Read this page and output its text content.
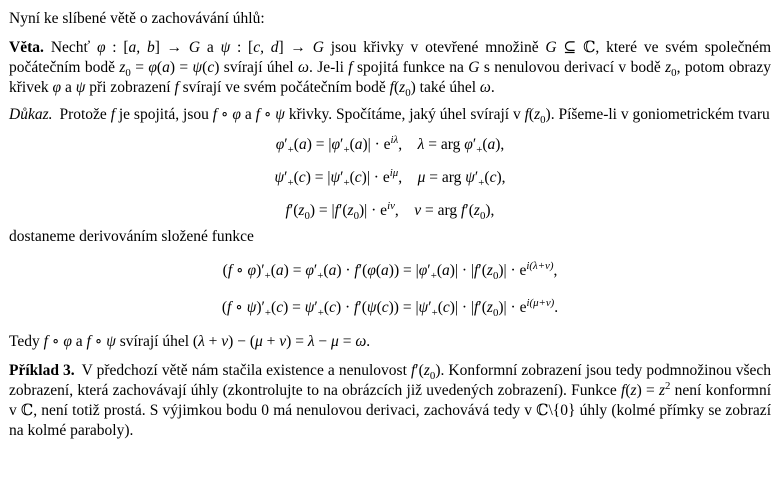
Nyní ke slíbené větě o zachovávání úhlů:

Věta. Nechť φ : [a, b] → G a ψ : [c, d] → G jsou křivky v otevřené množině G ⊆ ℂ, které ve svém společném počátečním bodě $z_0 = \varphi(a) = \psi(c)$ svírají úhel ω. Je-li f spojitá funkce na G s nenulovou derivací v bodě $z_0$, potom obrazy křivek φ a ψ při zobrazení f svírají ve svém počátečním bodě $f(z_0)$ také úhel ω.

Důkaz. Protože f je spojitá, jsou f ∘ φ a f ∘ ψ křivky. Spočítáme, jaký úhel svírají v $f(z_0)$. Píšeme-li v goniometrickém tvaru

$\varphi'_+(a) = |\varphi'_+(a)| \cdot e^{i\lambda}$, λ = arg $\varphi'_+(a)$,
$\psi'_+(c) = |\psi'_+(c)| \cdot e^{i\mu}$, μ = arg $\psi'_+(c)$,
$f'(z_0) = |f'(z_0)| \cdot e^{i\nu}$, ν = arg $f'(z_0)$,

dostaneme derivováním složené funkce

(f ∘ $\varphi)'_+(a) = \varphi'_+(a) \cdot f'(\varphi(a)) = |\varphi'_+(a)| \cdot |f'(z_0)| \cdot e^{i(\lambda+\nu)}$,
(f ∘ $\psi)'_+(c) = \psi'_+(c) \cdot f'(\psi(c)) = |\psi'_+(c)| \cdot |f'(z_0)| \cdot e^{i(\mu+\nu)}$.

Tedy f ∘ φ a f ∘ ψ svírají úhel (λ + ν) − (μ + ν) = λ − μ = ω.

Příklad 3. V předchozí větě nám stačila existence a nenulovost $f'(z_0)$. Konformní zobrazení jsou tedy podmnožinou všech zobrazení, která zachovávají úhly (zkontrolujte to na obrázcích již uvedených zobrazení). Funkce $f(z) = z^2$ není konformní v ℂ, není totiž prostá. S výjimkou bodu 0 má nenulovou derivaci, zachovává tedy v ℂ\{0} úhly (kolmé přímky se zobrazí na kolmé paraboly).
